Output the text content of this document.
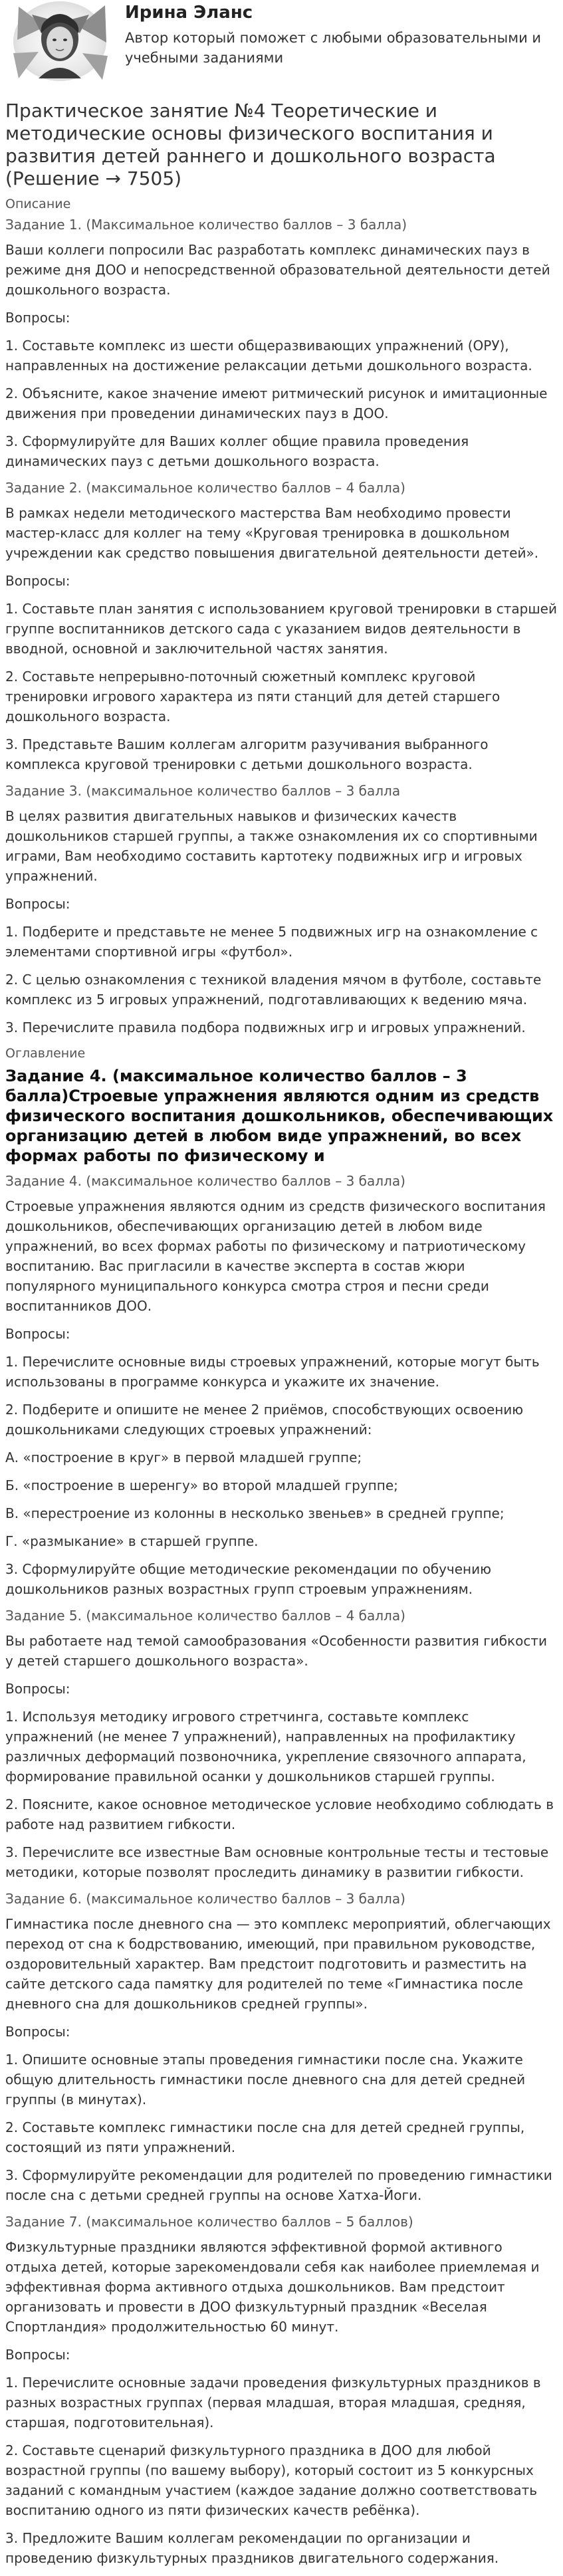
Ирина Эланс
Автор который поможет с любыми образовательными и учебными заданиями
Практическое занятие №4 Теоретические и методические основы физического воспитания и развития детей раннего и дошкольного возраста (Решение → 7505)
Описание
Задание 1. (Максимальное количество баллов – 3 балла)
Ваши коллеги попросили Вас разработать комплекс динамических пауз в режиме дня ДОО и непосредственной образовательной деятельности детей дошкольного возраста.
Вопросы:
1. Составьте комплекс из шести общеразвивающих упражнений (ОРУ), направленных на достижение релаксации детьми дошкольного возраста.
2. Объясните, какое значение имеют ритмический рисунок и имитационные движения при проведении динамических пауз в ДОО.
3. Сформулируйте для Ваших коллег общие правила проведения динамических пауз с детьми дошкольного возраста.
Задание 2. (максимальное количество баллов – 4 балла)
В рамках недели методического мастерства Вам необходимо провести мастер-класс для коллег на тему «Круговая тренировка в дошкольном учреждении как средство повышения двигательной деятельности детей».
Вопросы:
1. Составьте план занятия с использованием круговой тренировки в старшей группе воспитанников детского сада с указанием видов деятельности в вводной, основной и заключительной частях занятия.
2. Составьте непрерывно-поточный сюжетный комплекс круговой тренировки игрового характера из пяти станций для детей старшего дошкольного возраста.
3. Представьте Вашим коллегам алгоритм разучивания выбранного комплекса круговой тренировки с детьми дошкольного возраста.
Задание 3. (максимальное количество баллов – 3 балла
В целях развития двигательных навыков и физических качеств дошкольников старшей группы, а также ознакомления их со спортивными играми, Вам необходимо составить картотеку подвижных игр и игровых упражнений.
Вопросы:
1. Подберите и представьте не менее 5 подвижных игр на ознакомление с элементами спортивной игры «футбол».
2. С целью ознакомления с техникой владения мячом в футболе, составьте комплекс из 5 игровых упражнений, подготавливающих к ведению мяча.
3. Перечислите правила подбора подвижных игр и игровых упражнений.
Оглавление
Задание 4. (максимальное количество баллов – 3 балла)Строевые упражнения являются одним из средств физического воспитания дошкольников, обеспечивающих организацию детей в любом виде упражнений, во всех формах работы по физическому и
Задание 4. (максимальное количество баллов – 3 балла)
Строевые упражнения являются одним из средств физического воспитания дошкольников, обеспечивающих организацию детей в любом виде упражнений, во всех формах работы по физическому и патриотическому воспитанию. Вас пригласили в качестве эксперта в состав жюри популярного муниципального конкурса смотра строя и песни среди воспитанников ДОО.
Вопросы:
1. Перечислите основные виды строевых упражнений, которые могут быть использованы в программе конкурса и укажите их значение.
2. Подберите и опишите не менее 2 приёмов, способствующих освоению дошкольниками следующих строевых упражнений:
А. «построение в круг» в первой младшей группе;
Б. «построение в шеренгу» во второй младшей группе;
В. «перестроение из колонны в несколько звеньев» в средней группе;
Г. «размыкание» в старшей группе.
3. Сформулируйте общие методические рекомендации по обучению дошкольников разных возрастных групп строевым упражнениям.
Задание 5. (максимальное количество баллов – 4 балла)
Вы работаете над темой самообразования «Особенности развития гибкости у детей старшего дошкольного возраста».
Вопросы:
1. Используя методику игрового стретчинга, составьте комплекс упражнений (не менее 7 упражнений), направленных на профилактику различных деформаций позвоночника, укрепление связочного аппарата, формирование правильной осанки у дошкольников старшей группы.
2. Поясните, какое основное методическое условие необходимо соблюдать в работе над развитием гибкости.
3. Перечислите все известные Вам основные контрольные тесты и тестовые методики, которые позволят проследить динамику в развитии гибкости.
Задание 6. (максимальное количество баллов – 3 балла)
Гимнастика после дневного сна — это комплекс мероприятий, облегчающих переход от сна к бодрствованию, имеющий, при правильном руководстве, оздоровительный характер. Вам предстоит подготовить и разместить на сайте детского сада памятку для родителей по теме «Гимнастика после дневного сна для дошкольников средней группы».
Вопросы:
1. Опишите основные этапы проведения гимнастики после сна. Укажите общую длительность гимнастики после дневного сна для детей средней группы (в минутах).
2. Составьте комплекс гимнастики после сна для детей средней группы, состоящий из пяти упражнений.
3. Сформулируйте рекомендации для родителей по проведению гимнастики после сна с детьми средней группы на основе Хатха-Йоги.
Задание 7. (максимальное количество баллов – 5 баллов)
Физкультурные праздники являются эффективной формой активного отдыха детей, которые зарекомендовали себя как наиболее приемлемая и эффективная форма активного отдыха дошкольников. Вам предстоит организовать и провести в ДОО физкультурный праздник «Веселая Спортландия» продолжительностью 60 минут.
Вопросы:
1. Перечислите основные задачи проведения физкультурных праздников в разных возрастных группах (первая младшая, вторая младшая, средняя, старшая, подготовительная).
2. Составьте сценарий физкультурного праздника в ДОО для любой возрастной группы (по вашему выбору), который состоит из 5 конкурсных заданий с командным участием (каждое задание должно соответствовать воспитанию одного из пяти физических качеств ребёнка).
3. Предложите Вашим коллегам рекомендации по организации и проведению физкультурных праздников двигательного содержания.
